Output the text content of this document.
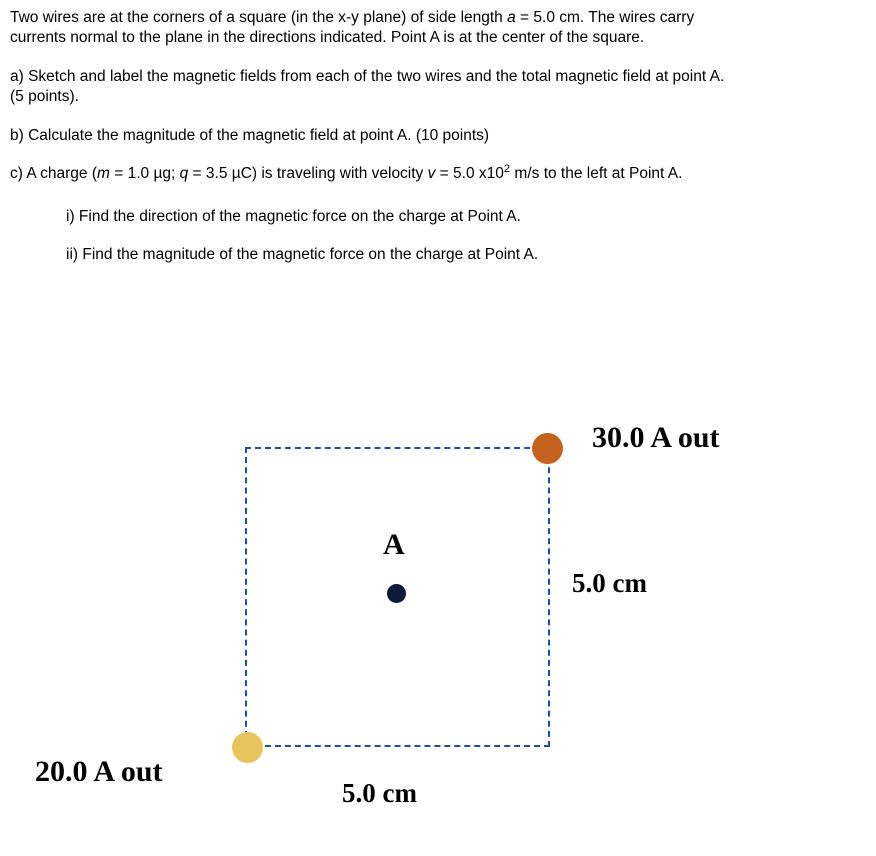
Two wires are at the corners of a square (in the x-y plane) of side length a = 5.0 cm. The wires carry
currents normal to the plane in the directions indicated. Point A is at the center of the square.

a) Sketch and label the magnetic fields from each of the two wires and the total magnetic field at point A.
(5 points).

b) Calculate the magnitude of the magnetic field at point A. (10 points)

c) A charge (m = 1.0 µg; q = 3.5 µC) is traveling with velocity v = 5.0 $x10^2$ m/s to the left at Point A.

i) Find the direction of the magnetic force on the charge at Point A.

ii) Find the magnitude of the magnetic force on the charge at Point A.

A
30.0 A out
20.0 A out
5.0 cm
5.0 cm
